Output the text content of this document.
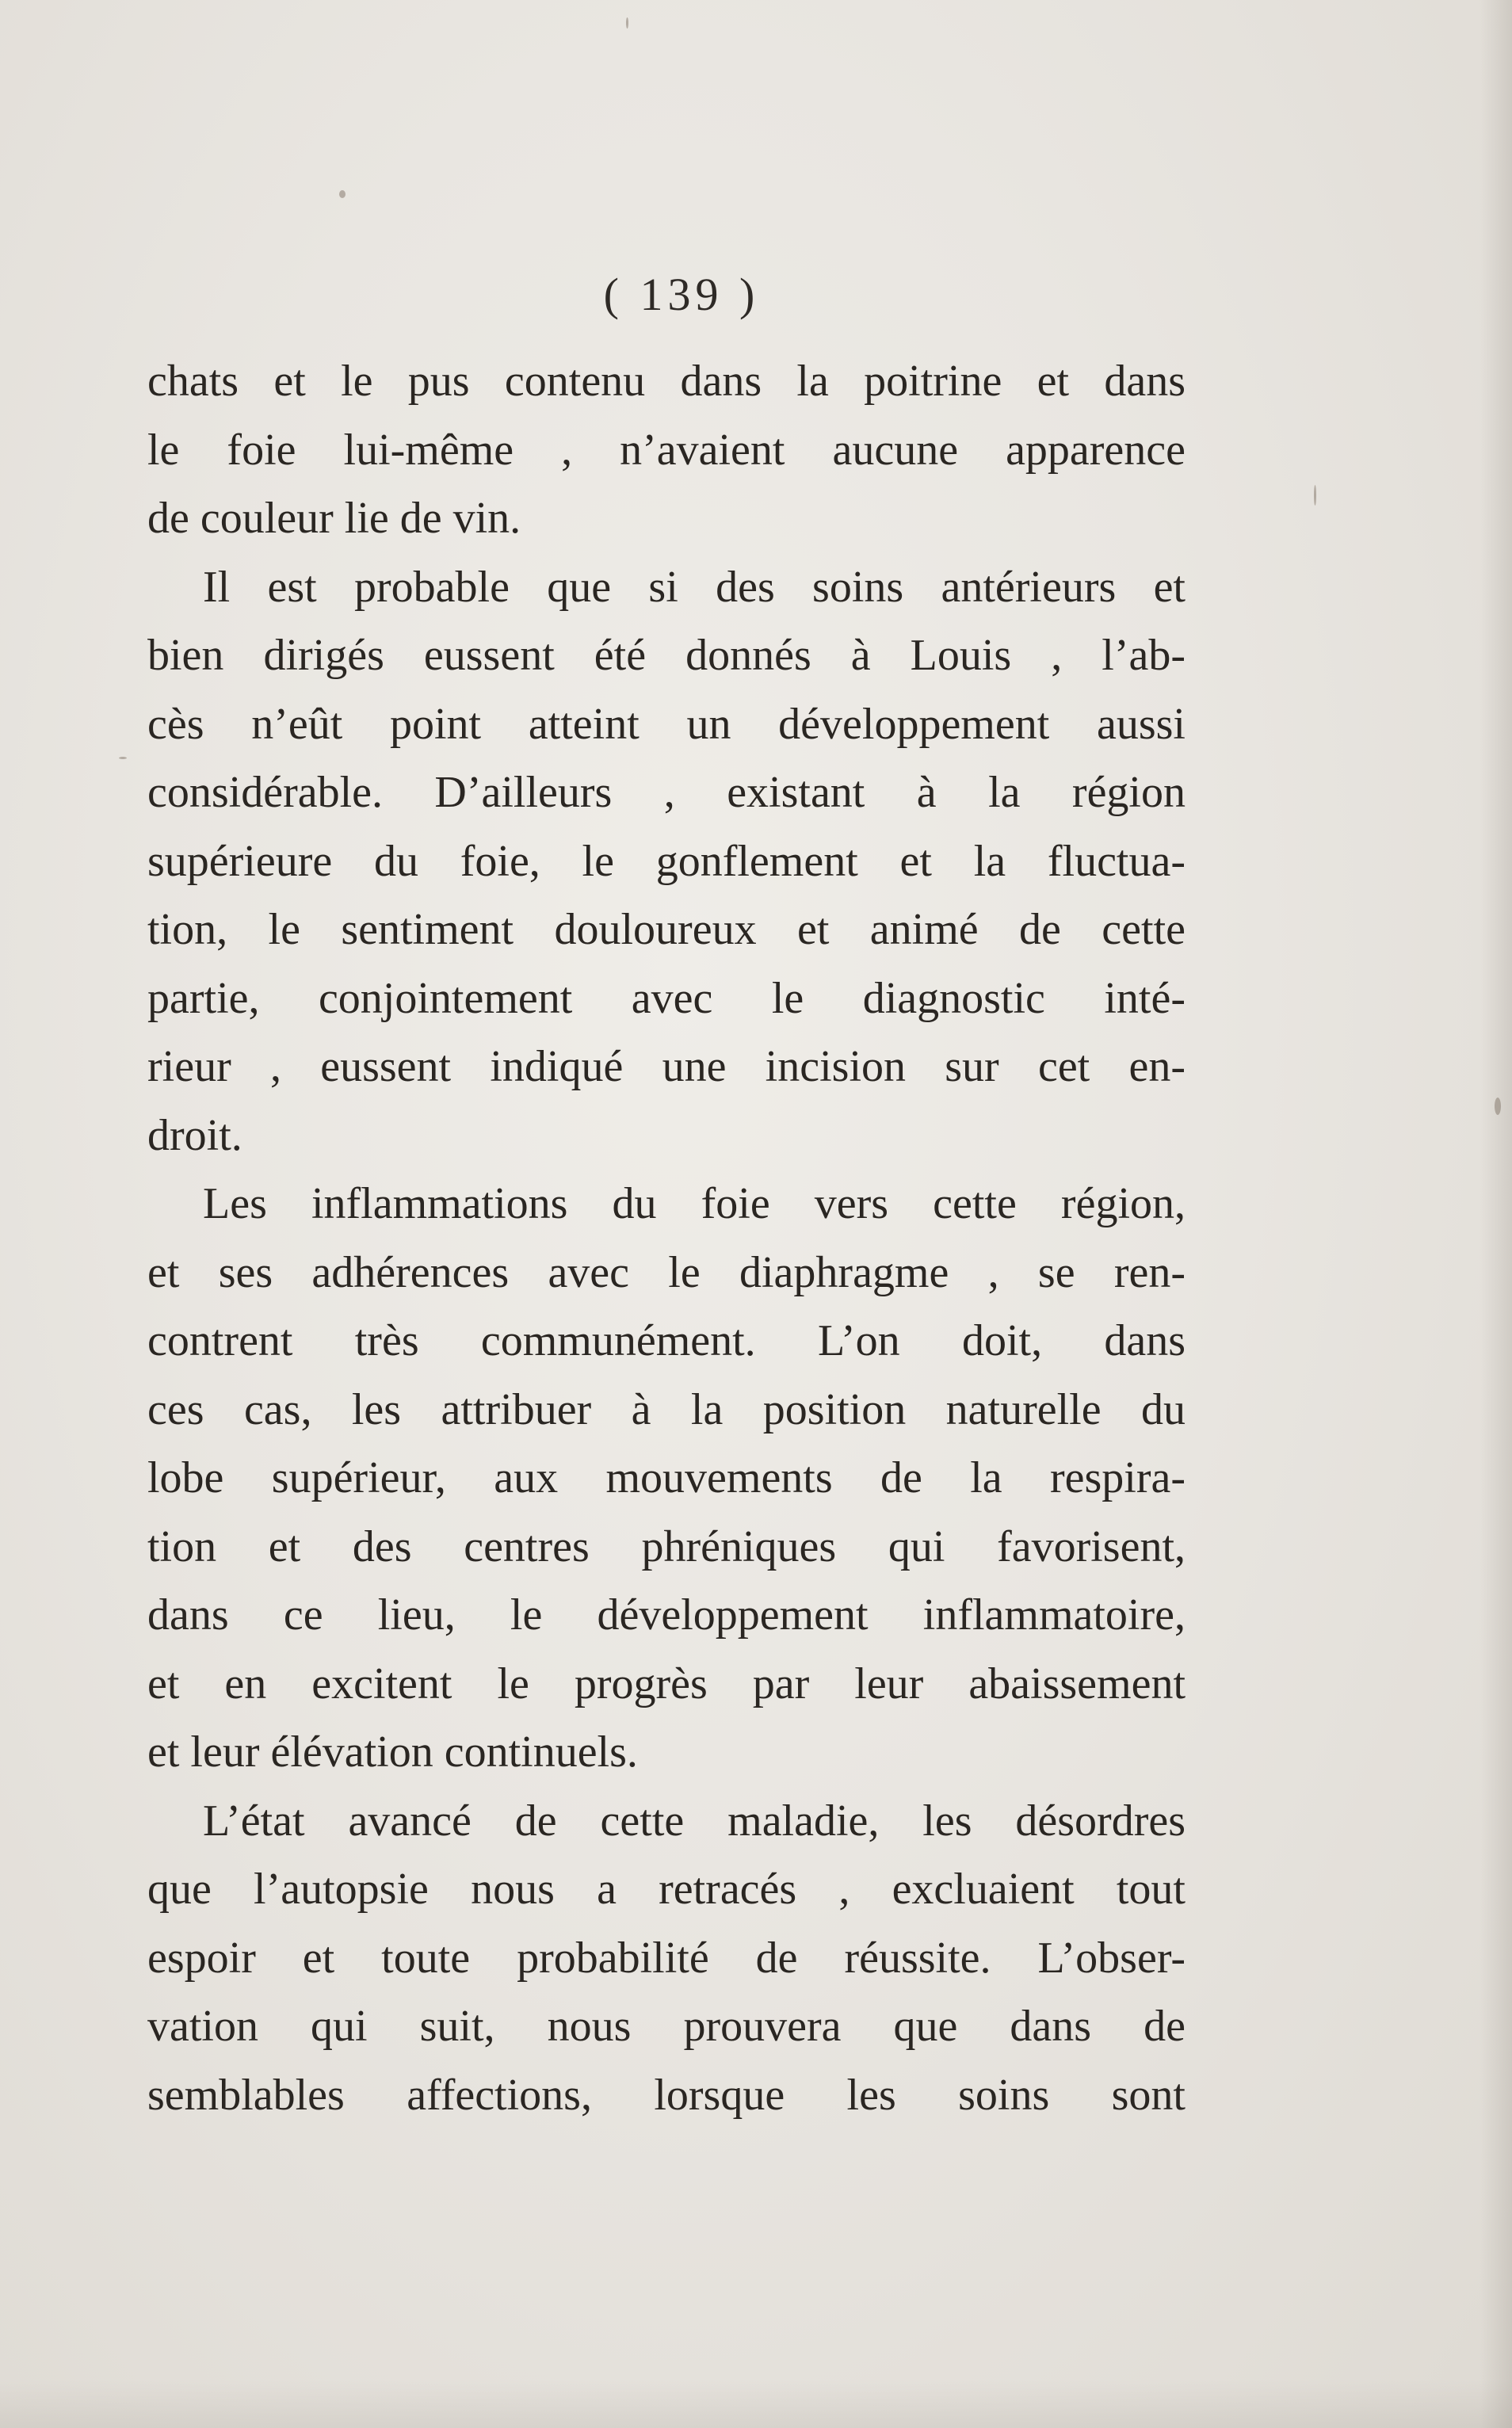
( 139 )
chats et le pus contenu dans la poitrine et dans
le foie lui-même , n’avaient aucune apparence
de couleur lie de vin.
Il est probable que si des soins antérieurs et
bien dirigés eussent été donnés à Louis , l’ab-
cès n’eût point atteint un développement aussi
considérable. D’ailleurs , existant à la région
supérieure du foie, le gonflement et la fluctua-
tion, le sentiment douloureux et animé de cette
partie, conjointement avec le diagnostic inté-
rieur , eussent indiqué une incision sur cet en-
droit.
Les inflammations du foie vers cette région,
et ses adhérences avec le diaphragme , se ren-
contrent très communément. L’on doit, dans
ces cas, les attribuer à la position naturelle du
lobe supérieur, aux mouvements de la respira-
tion et des centres phréniques qui favorisent,
dans ce lieu, le développement inflammatoire,
et en excitent le progrès par leur abaissement
et leur élévation continuels.
L’état avancé de cette maladie, les désordres
que l’autopsie nous a retracés , excluaient tout
espoir et toute probabilité de réussite. L’obser-
vation qui suit, nous prouvera que dans de
semblables affections, lorsque les soins sont
